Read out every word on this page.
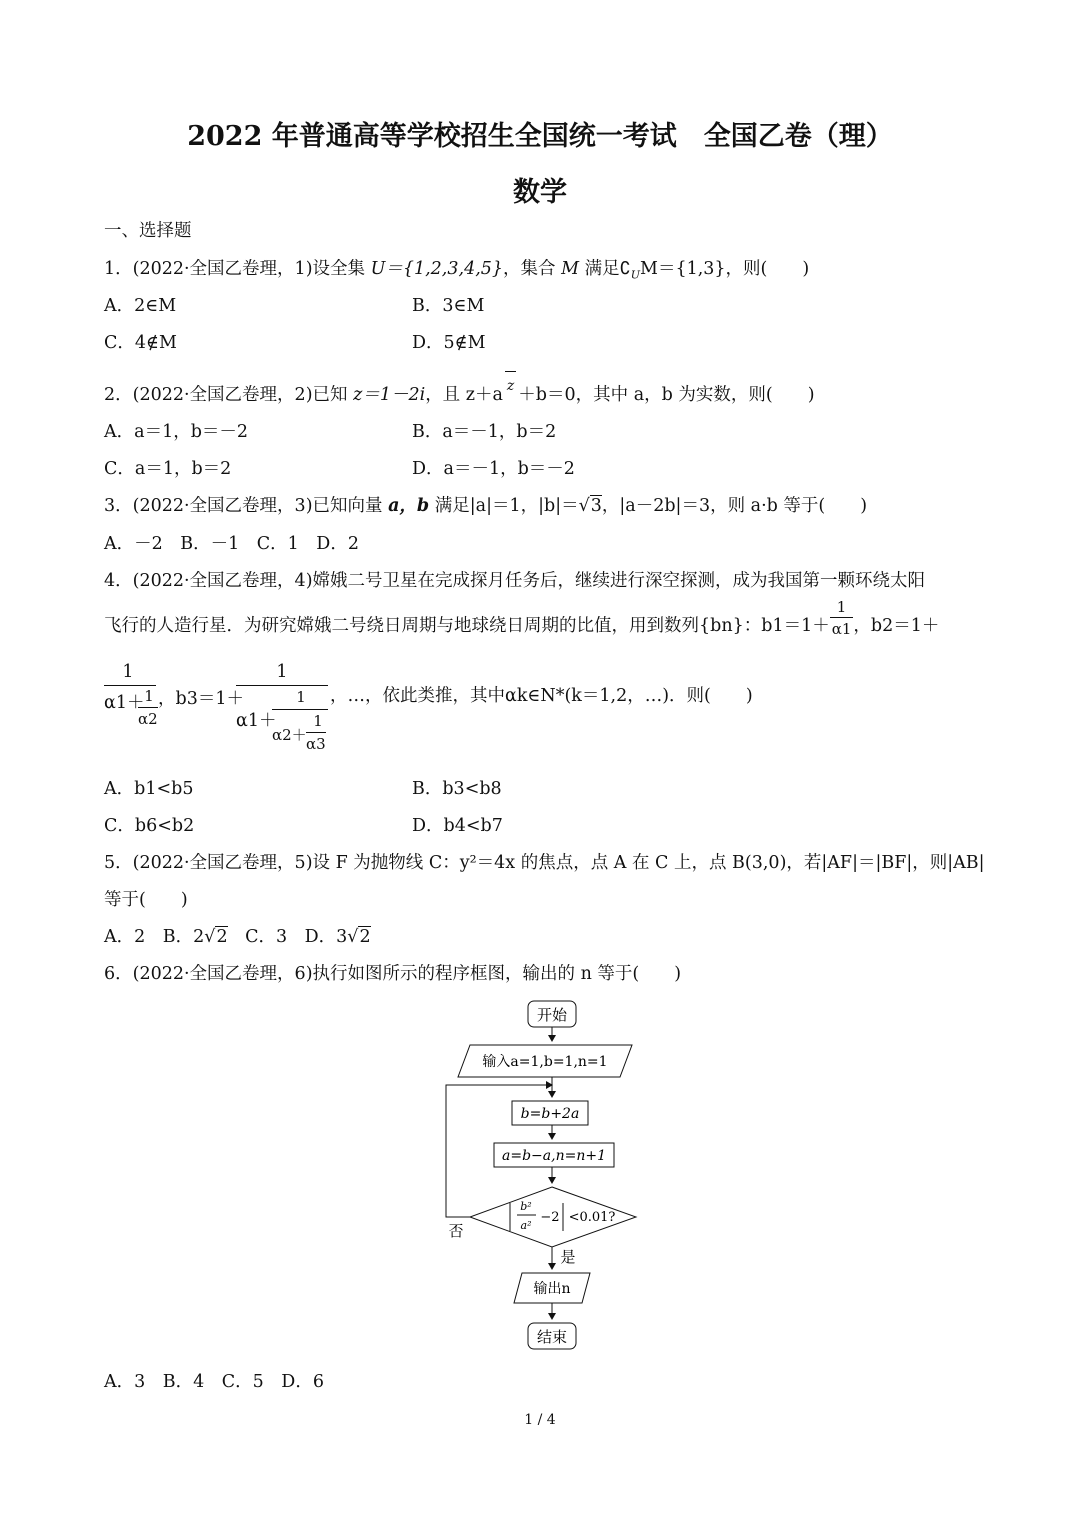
2022 年普通高等学校招生全国统一考试　全国乙卷（理）
数学
一、选择题
1．(2022·全国乙卷理，1)设全集 U＝{1,2,3,4,5}，集合 M 满足$∁_UM=\{1,3\}$，则(　　)
A．2∈M	B．3∈M
C．4∉M	D．5∉M
2．(2022·全国乙卷理，2)已知 z＝1－2i，且 z＋a $^z$ ＋b＝0，其中 a，b 为实数，则(　　)
A．a＝1，b＝－2	B．a＝－1，b＝2
C．a＝1，b＝2	D．a＝－1，b＝－2
3．(2022·全国乙卷理，3)已知向量 a，b 满足|a|＝1，|b|＝√3，|a－2b|＝3，则 a·b 等于(　　)
A．－2　B．－1　C．1　D．2
4．(2022·全国乙卷理，4)嫦娥二号卫星在完成探月任务后，继续进行深空探测，成为我国第一颗环绕太阳
飞行的人造行星．为研究嫦娥二号绕日周期与地球绕日周期的比值，用到数列{bn}：$b1=1+ \frac{1}{\alpha 1}$ ，b2＝1＋
1
α1＋ 1
α2
，b3＝1＋
1
α1＋
1
α2＋
1
α3
，…，依此类推，其中αk∈N*(k＝1,2，…)．则(　　)
A．b1<b5	B．b3<b8
C．b6<b2	D．b4<b7
5．(2022·全国乙卷理，5)设 F 为抛物线 C：y²＝4x 的焦点，点 A 在 C 上，点 B(3,0)，若|AF|＝|BF|，则|AB|
等于(　　)
A．2　B．2√2　C．3　D．3√2
6．(2022·全国乙卷理，6)执行如图所示的程序框图，输出的 n 等于(　　)
开始
输入a=1,b=1,n=1
b=b+2a
a=b−a,n=n+1
b²
a²
−2 <0.01?
否
是
输出n
结束
A．3　B．4　C．5　D．6
1 / 4
